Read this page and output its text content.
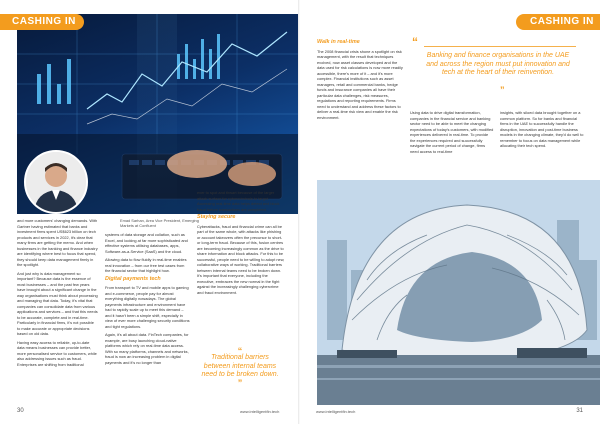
CASHING IN
Emad Sarhan, Area Vice President, Emerging Markets at Confluent

and more customers' changing demands. With Gartner having estimated that banks and investment firms spent US$623 billion on tech products and services in 2022, it's clear that many firms are getting the memo. And when businesses in the banking and finance industry are identifying where best to focus that spend, they should keep data management firmly in the spotlight.

And just why is data management so important? Because data is the essence of most businesses – and the past few years have brought about a significant change in the way organisations must think about processing and managing that data. Today, it's vital that companies can consolidate data from various applications and services – and that this needs to be accurate, complete and in real-time. Particularly in financial firms, it's not possible to make accurate or appropriate decisions based on old data.

Having easy access to reliable, up-to-date data means businesses can provide better, more personalised service to customers, while also addressing issues such as fraud. Enterprises are shifting from traditional

systems of data storage and collation, such as Excel, and looking at far more sophisticated and effective systems utilising databases, apps, Software-as-a-Service (SaaS) and the cloud.

Allowing data to flow fluidly in real-time enables real innovation – from our free test cases from the financial sector that highlight how.

Digital payments tech

From transport to TV and mobile apps to gaming and e-commerce, people pay for almost everything digitally nowadays. The global payments infrastructure and environment have had to rapidly scale up to meet this demand – and it hasn't been a simple shift, especially in view of ever more challenging security conditions and tight regulations.

Again, it's all about data. FinTech companies, for example, are busy launching cloud-native platforms which rely on real-time data access. With so many platforms, channels and networks, fraud is now an increasing problem in digital payments and it's no longer than

ever to spot and thwart because of the larger attack surface for cybercriminals to target. Accessing real-time data helps detect and block fraud before transactions are completed.

Staying secure

Cyberattacks, fraud and financial crime can all be part of the same whole, with attacks like phishing or account takeovers often the precursor to short- or long-term fraud. Because of this, fusion centres are becoming increasingly common as the drive to share information and block attacks. For this to be successful, people need to be willing to adopt new, collaborative ways of working. Traditional barriers between internal teams need to be broken down. It's important that everyone, including the executive, embraces the new normal in the fight against the increasingly challenging cybercrime and fraud environment.

“
Traditional barriers between internal teams need to be broken down.
”
30	www.intelligentfin.tech
CASHING IN
Walk in real-time

The 2008 financial crisis shone a spotlight on risk management, with the result that techniques evolved, now asset classes developed and the data used for risk calculations is now more readily accessible, there's more of it – and it's more complex. Financial institutions such as asset managers, retail and commercial banks, hedge funds and insurance companies all have their particular data challenges, risk measures, regulations and reporting requirements. Firms need to understand and address these factors to deliver a real-time risk view and enable the risk environment.

“
Banking and finance organisations in the UAE and across the region must put innovation and tech at the heart of their reinvention.
”

Using data to drive digital transformation, companies in the financial service and banking sector need to be able to meet the changing expectations of today's customers, with modified experiences delivered in real-time. To provide the experiences required and successfully navigate the current period of change, firms need access to real-time

insights, with siloed data brought together on a common platform. So for banks and financial firms in the UAE to successfully handle the disruption, innovation and post-time business models in the changing climate, they'd do well to remember to focus on data management while allocating their tech spend.

31
www.intelligentfin.tech
